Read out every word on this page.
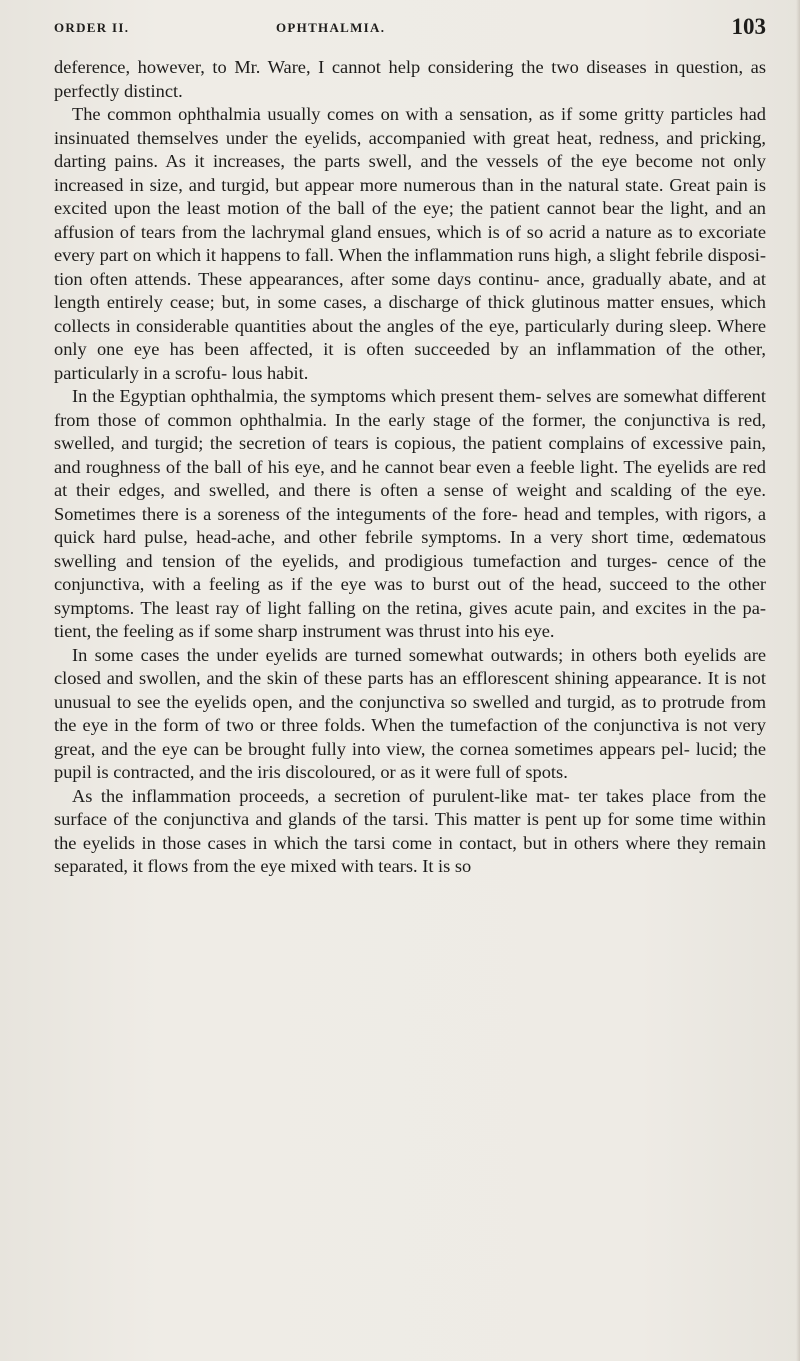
ORDER II.	OPHTHALMIA.	103

deference, however, to Mr. Ware, I cannot help considering the two diseases in question, as perfectly distinct.

The common ophthalmia usually comes on with a sensation, as if some gritty particles had insinuated themselves under the eyelids, accompanied with great heat, redness, and pricking, darting pains. As it increases, the parts swell, and the vessels of the eye become not only increased in size, and turgid, but appear more numerous than in the natural state. Great pain is excited upon the least motion of the ball of the eye; the patient cannot bear the light, and an affusion of tears from the lachrymal gland ensues, which is of so acrid a nature as to excoriate every part on which it happens to fall. When the inflammation runs high, a slight febrile disposi- tion often attends. These appearances, after some days continu- ance, gradually abate, and at length entirely cease; but, in some cases, a discharge of thick glutinous matter ensues, which collects in considerable quantities about the angles of the eye, particularly during sleep. Where only one eye has been affected, it is often succeeded by an inflammation of the other, particularly in a scrofu- lous habit.

In the Egyptian ophthalmia, the symptoms which present them- selves are somewhat different from those of common ophthalmia. In the early stage of the former, the conjunctiva is red, swelled, and turgid; the secretion of tears is copious, the patient complains of excessive pain, and roughness of the ball of his eye, and he cannot bear even a feeble light. The eyelids are red at their edges, and swelled, and there is often a sense of weight and scalding of the eye. Sometimes there is a soreness of the integuments of the fore- head and temples, with rigors, a quick hard pulse, head-ache, and other febrile symptoms. In a very short time, œdematous swelling and tension of the eyelids, and prodigious tumefaction and turges- cence of the conjunctiva, with a feeling as if the eye was to burst out of the head, succeed to the other symptoms. The least ray of light falling on the retina, gives acute pain, and excites in the pa- tient, the feeling as if some sharp instrument was thrust into his eye.

In some cases the under eyelids are turned somewhat outwards; in others both eyelids are closed and swollen, and the skin of these parts has an efflorescent shining appearance. It is not unusual to see the eyelids open, and the conjunctiva so swelled and turgid, as to protrude from the eye in the form of two or three folds. When the tumefaction of the conjunctiva is not very great, and the eye can be brought fully into view, the cornea sometimes appears pel- lucid; the pupil is contracted, and the iris discoloured, or as it were full of spots.

As the inflammation proceeds, a secretion of purulent-like mat- ter takes place from the surface of the conjunctiva and glands of the tarsi. This matter is pent up for some time within the eyelids in those cases in which the tarsi come in contact, but in others where they remain separated, it flows from the eye mixed with tears. It is so
